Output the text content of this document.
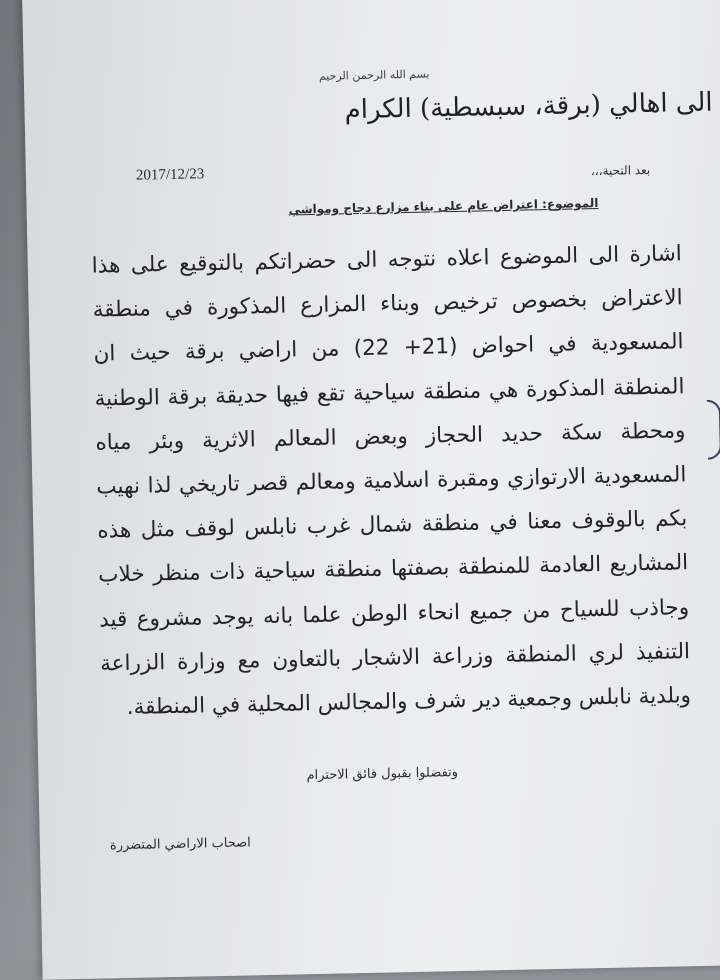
بسم الله الرحمن الرحيم
الى اهالي (برقة، سبسطية) الكرام
2017/12/23	بعد التحية،،،
الموضوع: اعتراض عام على بناء مزارع دجاج ومواشي
اشارة الى الموضوع اعلاه نتوجه الى حضراتكم بالتوقيع على هذا الاعتراض بخصوص ترخيص وبناء المزارع المذكورة في منطقة المسعودية في احواض (21+ 22) من اراضي برقة حيث ان المنطقة المذكورة هي منطقة سياحية تقع فيها حديقة برقة الوطنية ومحطة سكة حديد الحجاز وبعض المعالم الاثرية وبئر مياه المسعودية الارتوازي ومقبرة اسلامية ومعالم قصر تاريخي لذا نهيب بكم بالوقوف معنا في منطقة شمال غرب نابلس لوقف مثل هذه المشاريع العادمة للمنطقة بصفتها منطقة سياحية ذات منظر خلاب وجاذب للسياح من جميع انحاء الوطن علما بانه يوجد مشروع قيد التنفيذ لري المنطقة وزراعة الاشجار بالتعاون مع وزارة الزراعة وبلدية نابلس وجمعية دير شرف والمجالس المحلية في المنطقة.
وتفضلوا بقبول فائق الاحترام
اصحاب الاراضي المتضررة
